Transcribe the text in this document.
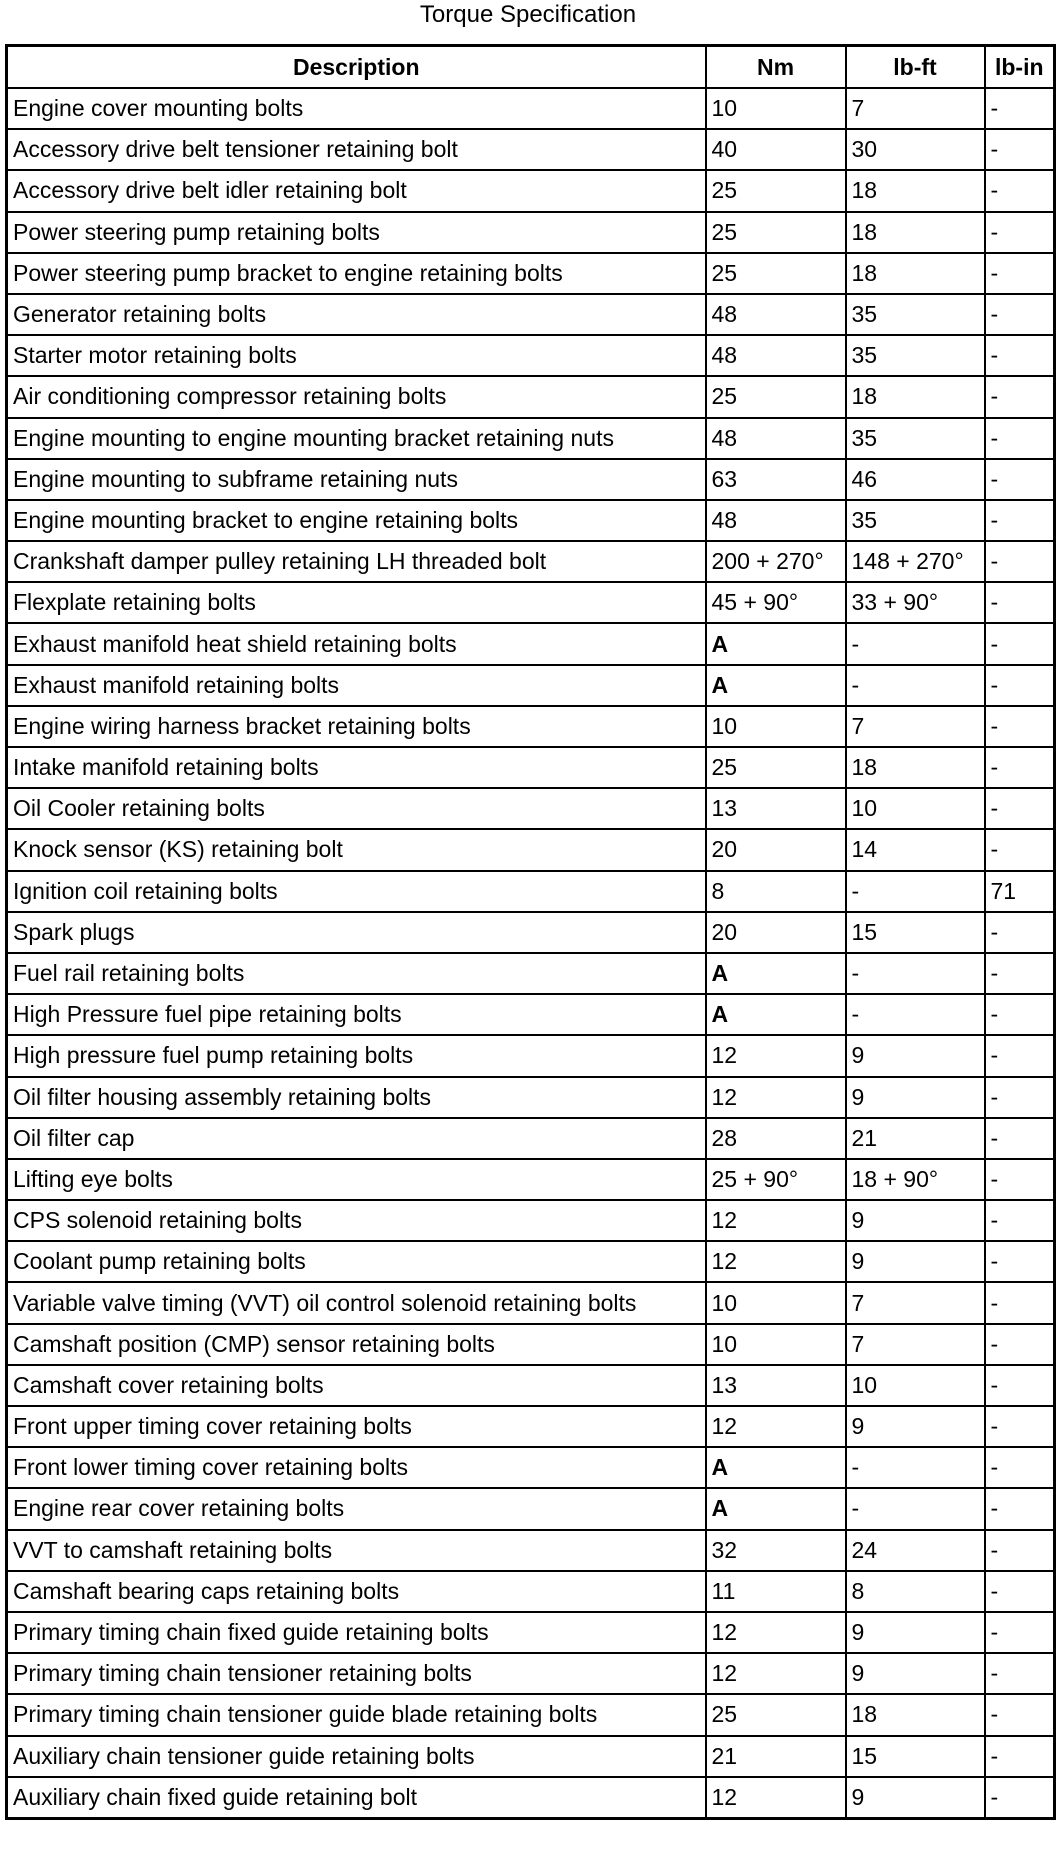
Torque Specification
Description	Nm	lb-ft	lb-in
Engine cover mounting bolts	10	7	-
Accessory drive belt tensioner retaining bolt	40	30	-
Accessory drive belt idler retaining bolt	25	18	-
Power steering pump retaining bolts	25	18	-
Power steering pump bracket to engine retaining bolts	25	18	-
Generator retaining bolts	48	35	-
Starter motor retaining bolts	48	35	-
Air conditioning compressor retaining bolts	25	18	-
Engine mounting to engine mounting bracket retaining nuts	48	35	-
Engine mounting to subframe retaining nuts	63	46	-
Engine mounting bracket to engine retaining bolts	48	35	-
Crankshaft damper pulley retaining LH threaded bolt	200 + 270°	148 + 270°	-
Flexplate retaining bolts	45 + 90°	33 + 90°	-
Exhaust manifold heat shield retaining bolts	A	-	-
Exhaust manifold retaining bolts	A	-	-
Engine wiring harness bracket retaining bolts	10	7	-
Intake manifold retaining bolts	25	18	-
Oil Cooler retaining bolts	13	10	-
Knock sensor (KS) retaining bolt	20	14	-
Ignition coil retaining bolts	8	-	71
Spark plugs	20	15	-
Fuel rail retaining bolts	A	-	-
High Pressure fuel pipe retaining bolts	A	-	-
High pressure fuel pump retaining bolts	12	9	-
Oil filter housing assembly retaining bolts	12	9	-
Oil filter cap	28	21	-
Lifting eye bolts	25 + 90°	18 + 90°	-
CPS solenoid retaining bolts	12	9	-
Coolant pump retaining bolts	12	9	-
Variable valve timing (VVT) oil control solenoid retaining bolts	10	7	-
Camshaft position (CMP) sensor retaining bolts	10	7	-
Camshaft cover retaining bolts	13	10	-
Front upper timing cover retaining bolts	12	9	-
Front lower timing cover retaining bolts	A	-	-
Engine rear cover retaining bolts	A	-	-
VVT to camshaft retaining bolts	32	24	-
Camshaft bearing caps retaining bolts	11	8	-
Primary timing chain fixed guide retaining bolts	12	9	-
Primary timing chain tensioner retaining bolts	12	9	-
Primary timing chain tensioner guide blade retaining bolts	25	18	-
Auxiliary chain tensioner guide retaining bolts	21	15	-
Auxiliary chain fixed guide retaining bolt	12	9	-
